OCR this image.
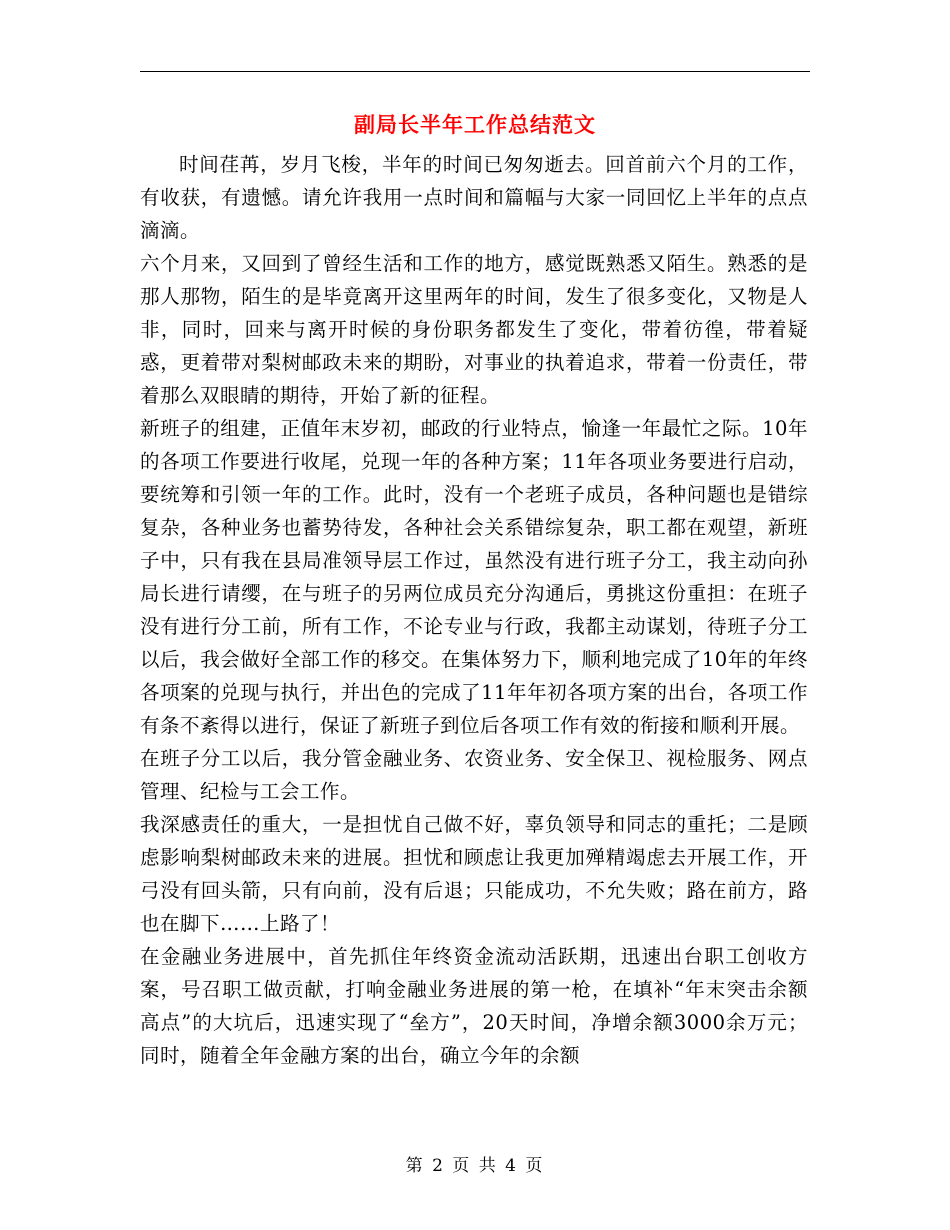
副局长半年工作总结范文

时间荏苒，岁月飞梭，半年的时间已匆匆逝去。回首前六个月的工作，有收获，有遗憾。请允许我用一点时间和篇幅与大家一同回忆上半年的点点滴滴。

六个月来，又回到了曾经生活和工作的地方，感觉既熟悉又陌生。熟悉的是那人那物，陌生的是毕竟离开这里两年的时间，发生了很多变化，又物是人非，同时，回来与离开时候的身份职务都发生了变化，带着彷徨，带着疑惑，更着带对梨树邮政未来的期盼，对事业的执着追求，带着一份责任，带着那么双眼睛的期待，开始了新的征程。

新班子的组建，正值年末岁初，邮政的行业特点，愉逢一年最忙之际。10年的各项工作要进行收尾，兑现一年的各种方案；11年各项业务要进行启动，要统筹和引领一年的工作。此时，没有一个老班子成员，各种问题也是错综复杂，各种业务也蓄势待发，各种社会关系错综复杂，职工都在观望，新班子中，只有我在县局准领导层工作过，虽然没有进行班子分工，我主动向孙局长进行请缨，在与班子的另两位成员充分沟通后，勇挑这份重担：在班子没有进行分工前，所有工作，不论专业与行政，我都主动谋划，待班子分工以后，我会做好全部工作的移交。在集体努力下，顺利地完成了10年的年终各项案的兑现与执行，并出色的完成了11年年初各项方案的出台，各项工作有条不紊得以进行，保证了新班子到位后各项工作有效的衔接和顺利开展。

在班子分工以后，我分管金融业务、农资业务、安全保卫、视检服务、网点管理、纪检与工会工作。

我深感责任的重大，一是担忧自己做不好，辜负领导和同志的重托；二是顾虑影响梨树邮政未来的进展。担忧和顾虑让我更加殚精竭虑去开展工作，开弓没有回头箭，只有向前，没有后退；只能成功，不允失败；路在前方，路也在脚下……上路了！

在金融业务进展中，首先抓住年终资金流动活跃期，迅速出台职工创收方案，号召职工做贡献，打响金融业务进展的第一枪，在填补“年末突击余额高点”的大坑后，迅速实现了“垒方”，20天时间，净增余额3000余万元；同时，随着全年金融方案的出台，确立今年的余额

第 2 页 共 4 页
